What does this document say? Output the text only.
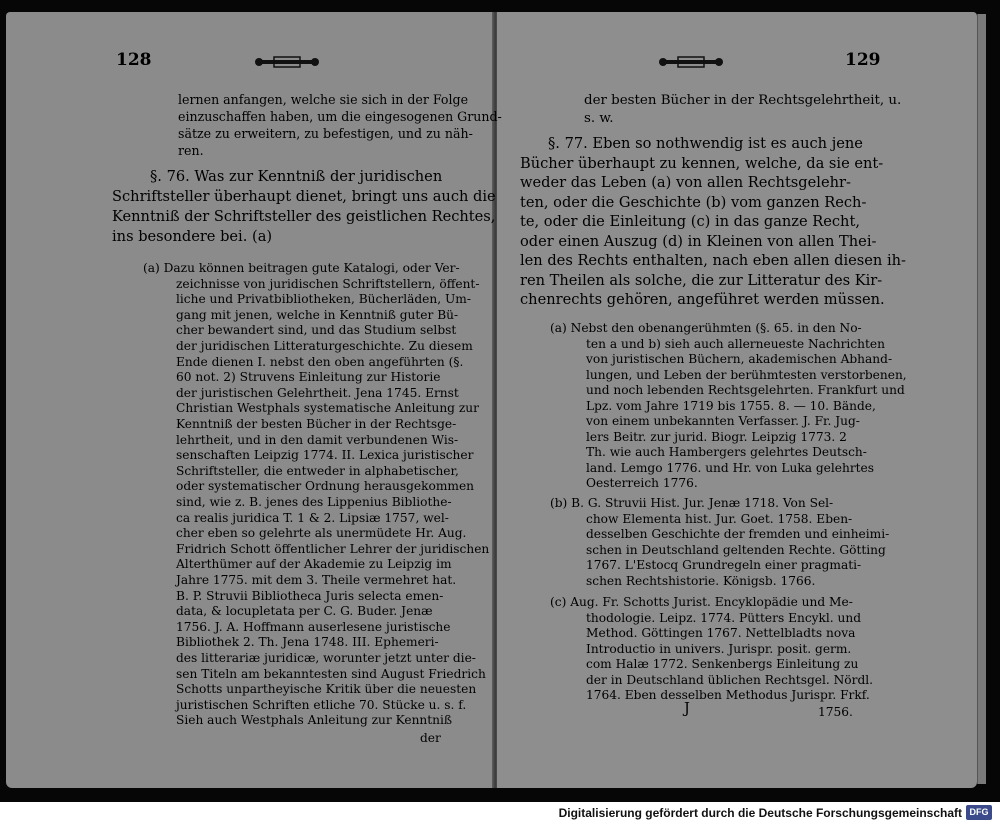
128	129
lernen anfangen, welche sie sich in der Folge
einzuschaffen haben, um die eingesogenen Grund-
sätze zu erweitern, zu befestigen, und zu näh-
ren.
§. 76. Was zur Kenntniß der juridischen
Schriftsteller überhaupt dienet, bringt uns auch die
Kenntniß der Schriftsteller des geistlichen Rechtes,
ins besondere bei. (a)
(a) Dazu können beitragen gute Katalogi, oder Ver-
zeichnisse von juridischen Schriftstellern, öffent-
liche und Privatbibliotheken, Bücherläden, Um-
gang mit jenen, welche in Kenntniß guter Bü-
cher bewandert sind, und das Studium selbst
der juridischen Litteraturgeschichte. Zu diesem
Ende dienen I. nebst den oben angeführten (§.
60 not. 2) Struvens Einleitung zur Historie
der juristischen Gelehrtheit. Jena 1745. Ernst
Christian Westphals systematische Anleitung zur
Kenntniß der besten Bücher in der Rechtsge-
lehrtheit, und in den damit verbundenen Wis-
senschaften Leipzig 1774. II. Lexica juristischer
Schriftsteller, die entweder in alphabetischer,
oder systematischer Ordnung herausgekommen
sind, wie z. B. jenes des Lippenius Bibliothe-
ca realis juridica T. 1 & 2. Lipsiæ 1757, wel-
cher eben so gelehrte als unermüdete Hr. Aug.
Fridrich Schott öffentlicher Lehrer der juridischen
Alterthümer auf der Akademie zu Leipzig im
Jahre 1775. mit dem 3. Theile vermehret hat.
B. P. Struvii Bibliotheca Juris selecta emen-
data, & locupletata per C. G. Buder. Jenæ
1756. J. A. Hoffmann auserlesene juristische
Bibliothek 2. Th. Jena 1748. III. Ephemeri-
des litterariæ juridicæ, worunter jetzt unter die-
sen Titeln am bekanntesten sind August Friedrich
Schotts unpartheyische Kritik über die neuesten
juristischen Schriften etliche 70. Stücke u. s. f.
Sieh auch Westphals Anleitung zur Kenntniß
der
der besten Bücher in der Rechtsgelehrtheit, u.
s. w.
§. 77. Eben so nothwendig ist es auch jene
Bücher überhaupt zu kennen, welche, da sie ent-
weder das Leben (a) von allen Rechtsgelehr-
ten, oder die Geschichte (b) vom ganzen Rech-
te, oder die Einleitung (c) in das ganze Recht,
oder einen Auszug (d) in Kleinen von allen Thei-
len des Rechts enthalten, nach eben allen diesen ih-
ren Theilen als solche, die zur Litteratur des Kir-
chenrechts gehören, angeführet werden müssen.
(a) Nebst den obenangerühmten (§. 65. in den No-
ten a und b) sieh auch allerneueste Nachrichten
von juristischen Büchern, akademischen Abhand-
lungen, und Leben der berühmtesten verstorbenen,
und noch lebenden Rechtsgelehrten. Frankfurt und
Lpz. vom Jahre 1719 bis 1755. 8. — 10. Bände,
von einem unbekannten Verfasser. J. Fr. Jug-
lers Beitr. zur jurid. Biogr. Leipzig 1773. 2
Th. wie auch Hambergers gelehrtes Deutsch-
land. Lemgo 1776. und Hr. von Luka gelehrtes
Oesterreich 1776.
(b) B. G. Struvii Hist. Jur. Jenæ 1718. Von Sel-
chow Elementa hist. Jur. Goet. 1758. Eben-
desselben Geschichte der fremden und einheimi-
schen in Deutschland geltenden Rechte. Götting
1767. L'Estocq Grundregeln einer pragmati-
schen Rechtshistorie. Königsb. 1766.
(c) Aug. Fr. Schotts Jurist. Encyklopädie und Me-
thodologie. Leipz. 1774. Pütters Encykl. und
Method. Göttingen 1767. Nettelbladts nova
Introductio in univers. Jurispr. posit. germ.
com Halæ 1772. Senkenbergs Einleitung zu
der in Deutschland üblichen Rechtsgel. Nördl.
1764. Eben desselben Methodus Jurispr. Frkf.
J	1756.
Digitalisierung gefördert durch die Deutsche Forschungsgemeinschaft DFG
